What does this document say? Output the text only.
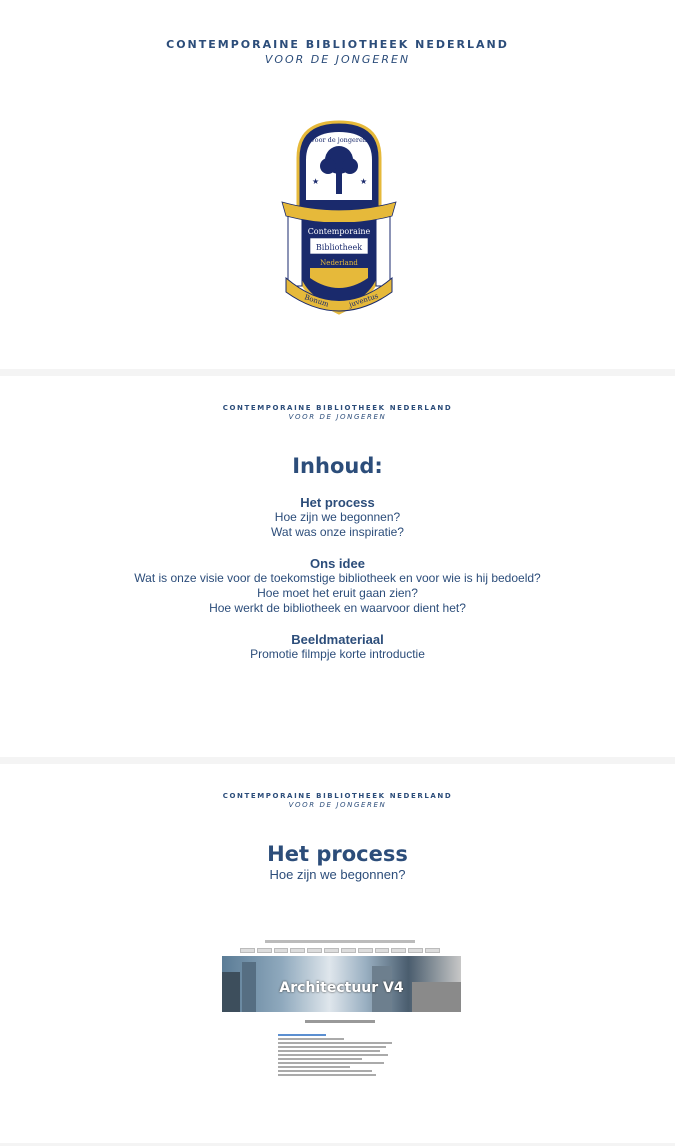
CONTEMPORAINE BIBLIOTHEEK NEDERLAND
VOOR DE JONGEREN
★	★
voor de jongeren
Contemporaine
Bibliotheek
Nederland
Bonum	juventus
CONTEMPORAINE BIBLIOTHEEK NEDERLAND
VOOR DE JONGEREN
Inhoud:
Het process
Hoe zijn we begonnen?
Wat was onze inspiratie?
Ons idee
Wat is onze visie voor de toekomstige bibliotheek en voor wie is hij bedoeld?
Hoe moet het eruit gaan zien?
Hoe werkt de bibliotheek en waarvoor dient het?
Beeldmateriaal
Promotie filmpje korte introductie
CONTEMPORAINE BIBLIOTHEEK NEDERLAND
VOOR DE JONGEREN
Het process
Hoe zijn we begonnen?
Architectuur V4
